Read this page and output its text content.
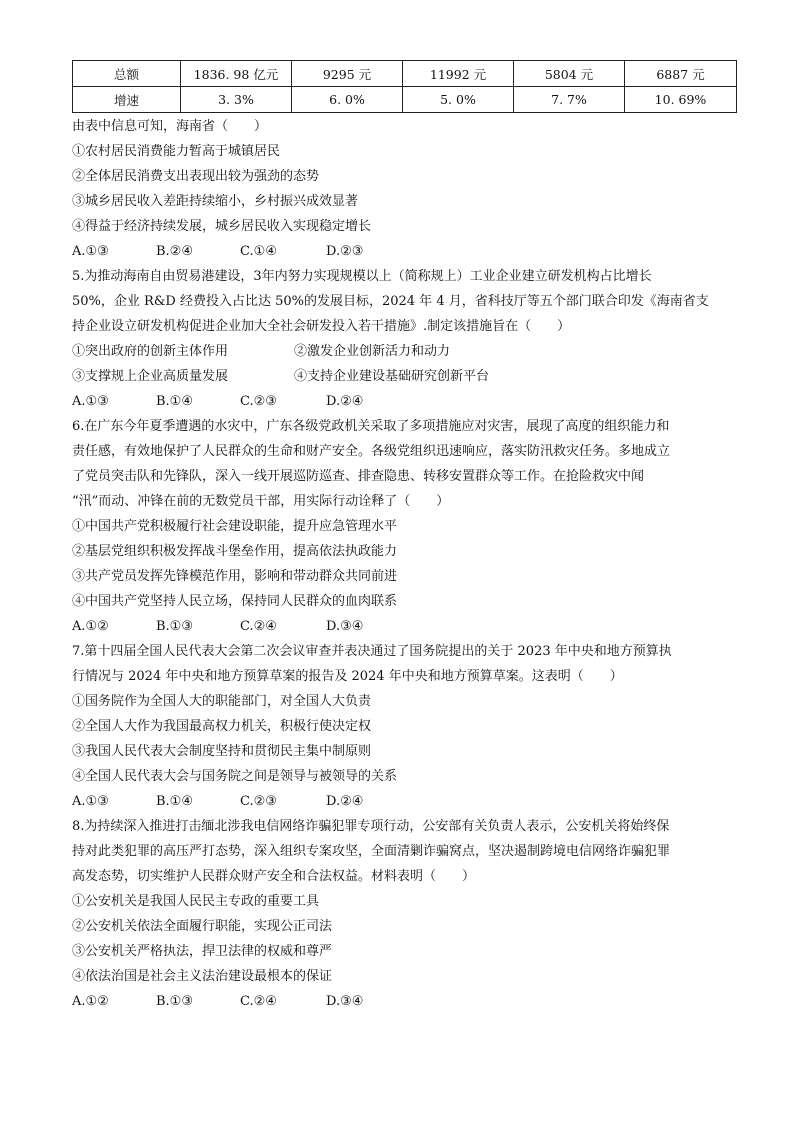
总额	1836. 98 亿元	9295 元	11992 元	5804 元	6887 元
增速	3. 3%	6. 0%	5. 0%	7. 7%	10. 69%
由表中信息可知，海南省（　　）
①农村居民消费能力暂高于城镇居民
②全体居民消费支出表现出较为强劲的态势
③城乡居民收入差距持续缩小，乡村振兴成效显著
④得益于经济持续发展，城乡居民收入实现稳定增长
A.①③	B.②④	C.①④	D.②③
5.为推动海南自由贸易港建设，3年内努力实现规模以上（简称规上）工业企业建立研发机构占比增长
50%，企业 R&D 经费投入占比达 50%的发展目标，2024 年 4 月，省科技厅等五个部门联合印发《海南省支
持企业设立研发机构促进企业加大全社会研发投入若干措施》.制定该措施旨在（　　）
①突出政府的创新主体作用	②激发企业创新活力和动力
③支撑规上企业高质量发展	④支持企业建设基础研究创新平台
A.①③	B.①④	C.②③	D.②④
6.在广东今年夏季遭遇的水灾中，广东各级党政机关采取了多项措施应对灾害，展现了高度的组织能力和
责任感，有效地保护了人民群众的生命和财产安全。各级党组织迅速响应，落实防汛救灾任务。多地成立
了党员突击队和先锋队，深入一线开展巡防巡查、排查隐患、转移安置群众等工作。在抢险救灾中闻
“汛”而动、冲锋在前的无数党员干部，用实际行动诠释了（　　）
①中国共产党积极履行社会建设职能，提升应急管理水平
②基层党组织积极发挥战斗堡垒作用，提高依法执政能力
③共产党员发挥先锋模范作用，影响和带动群众共同前进
④中国共产党坚持人民立场，保持同人民群众的血肉联系
A.①②	B.①③	C.②④	D.③④
7.第十四届全国人民代表大会第二次会议审查并表决通过了国务院提出的关于 2023 年中央和地方预算执
行情况与 2024 年中央和地方预算草案的报告及 2024 年中央和地方预算草案。这表明（　　）
①国务院作为全国人大的职能部门，对全国人大负责
②全国人大作为我国最高权力机关，积极行使决定权
③我国人民代表大会制度坚持和贯彻民主集中制原则
④全国人民代表大会与国务院之间是领导与被领导的关系
A.①③	B.①④	C.②③	D.②④
8.为持续深入推进打击缅北涉我电信网络诈骗犯罪专项行动，公安部有关负责人表示，公安机关将始终保
持对此类犯罪的高压严打态势，深入组织专案攻坚，全面清剿诈骗窝点，坚决遏制跨境电信网络诈骗犯罪
高发态势，切实维护人民群众财产安全和合法权益。材料表明（　　）
①公安机关是我国人民民主专政的重要工具
②公安机关依法全面履行职能，实现公正司法
③公安机关严格执法，捍卫法律的权威和尊严
④依法治国是社会主义法治建设最根本的保证
A.①②	B.①③	C.②④	D.③④
